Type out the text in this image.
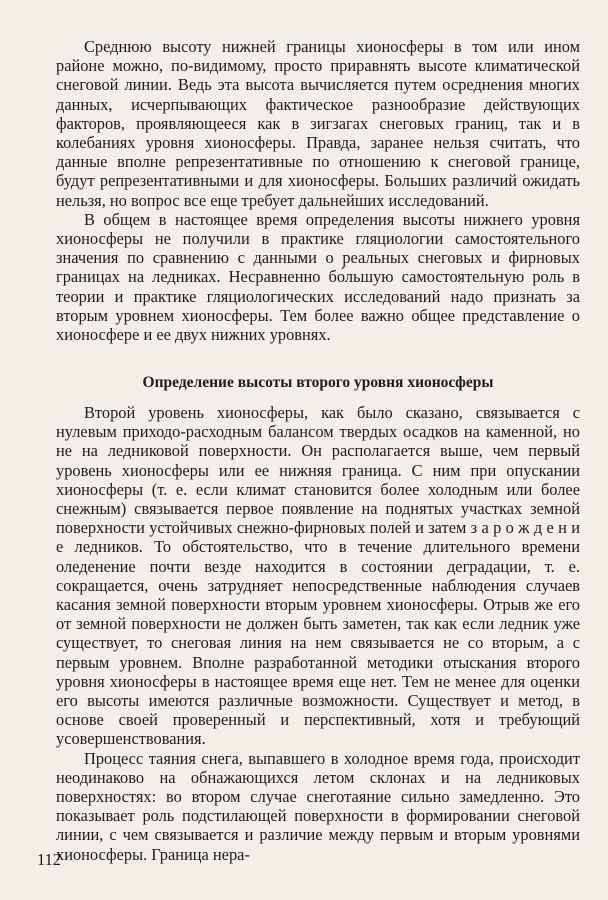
Среднюю высоту нижней границы хионосферы в том или ином районе можно, по-видимому, просто приравнять высоте климатической снеговой линии. Ведь эта высота вычисляется путем осреднения многих данных, исчерпывающих фактическое разнообразие действующих факторов, проявляющееся как в зигзагах снеговых границ, так и в колебаниях уровня хионосферы. Правда, заранее нельзя считать, что данные вполне репрезентативные по отношению к снеговой границе, будут репрезентативными и для хионосферы. Больших различий ожидать нельзя, но вопрос все еще требует дальнейших исследований.

В общем в настоящее время определения высоты нижнего уровня хионосферы не получили в практике гляциологии самостоятельного значения по сравнению с данными о реальных снеговых и фирновых границах на ледниках. Несравненно бо́льшую самостоятельную роль в теории и практике гляциологических исследований надо признать за вторым уровнем хионосферы. Тем более важно общее представление о хионосфере и ее двух нижних уровнях.

Определение высоты второго уровня хионосферы

Второй уровень хионосферы, как было сказано, связывается с нулевым приходо-расходным балансом твердых осадков на каменной, но не на ледниковой поверхности. Он располагается выше, чем первый уровень хионосферы или ее нижняя граница. С ним при опускании хионосферы (т. е. если климат становится более холодным или более снежным) связывается первое появление на поднятых участках земной поверхности устойчивых снежно-фирновых полей и затем з а р о ж д е н и е ледников. То обстоятельство, что в течение длительного времени оледенение почти везде находится в состоянии деградации, т. е. сокращается, очень затрудняет непосредственные наблюдения случаев касания земной поверхности вторым уровнем хионосферы. Отрыв же его от земной поверхности не должен быть заметен, так как если ледник уже существует, то снеговая линия на нем связывается не со вторым, а с первым уровнем. Вполне разработанной методики отыскания второго уровня хионосферы в настоящее время еще нет. Тем не менее для оценки его высоты имеются различные возможности. Существует и метод, в основе своей проверенный и перспективный, хотя и требующий усовершенствования.

Процесс таяния снега, выпавшего в холодное время года, происходит неодинаково на обнажающихся летом склонах и на ледниковых поверхностях: во втором случае снеготаяние сильно замедленно. Это показывает роль подстилающей поверхности в формировании снеговой линии, с чем связывается и различие между первым и вторым уровнями хионосферы. Граница нера-

112
